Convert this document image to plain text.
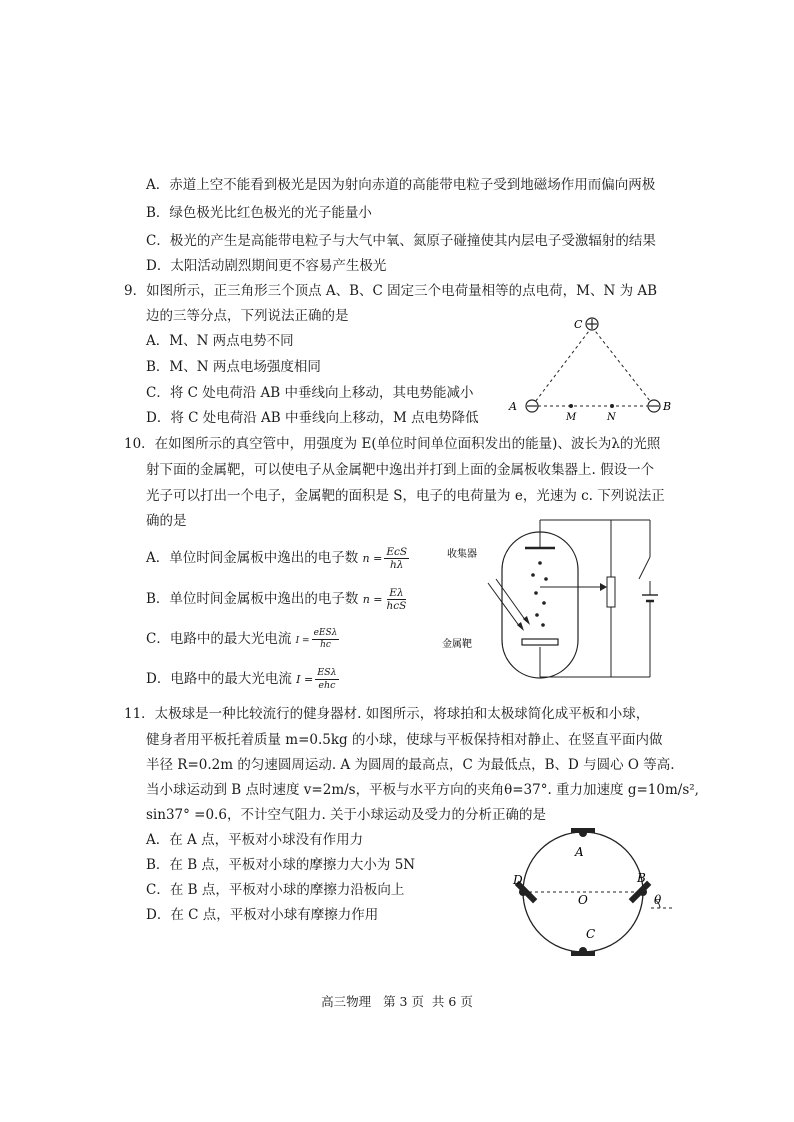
A．赤道上空不能看到极光是因为射向赤道的高能带电粒子受到地磁场作用而偏向两极
B．绿色极光比红色极光的光子能量小
C．极光的产生是高能带电粒子与大气中氧、氮原子碰撞使其内层电子受激辐射的结果
D．太阳活动剧烈期间更不容易产生极光
9．如图所示，正三角形三个顶点 A、B、C 固定三个电荷量相等的点电荷，M、N 为 AB
边的三等分点，下列说法正确的是
A．M、N 两点电势不同
B．M、N 两点电场强度相同
C．将 C 处电荷沿 AB 中垂线向上移动，其电势能减小
D．将 C 处电荷沿 AB 中垂线向上移动，M 点电势降低
C
A	B
M	N
10．在如图所示的真空管中，用强度为 E(单位时间单位面积发出的能量)、波长为λ的光照
射下面的金属靶，可以使电子从金属靶中逸出并打到上面的金属板收集器上. 假设一个
光子可以打出一个电子，金属靶的面积是 S，电子的电荷量为 e，光速为 c. 下列说法正
确的是
A．单位时间金属板中逸出的电子数 $n = \frac{\text{EcS}}{h\lambda}$
B．单位时间金属板中逸出的电子数 $n = \frac{E\lambda}{\text{hcS}}$
C．电路中的最大光电流 $I = \frac{\text{eESλ}}{hc}$
D．电路中的最大光电流 $I = \frac{\text{ESλ}}{\text{ehc}}$
收集器
金属靶
11．太极球是一种比较流行的健身器材. 如图所示，将球拍和太极球简化成平板和小球，
健身者用平板托着质量 m=0.5kg 的小球，使球与平板保持相对静止、在竖直平面内做
半径 R=0.2m 的匀速圆周运动. A 为圆周的最高点，C 为最低点，B、D 与圆心 O 等高.
当小球运动到 B 点时速度 v=2m/s，平板与水平方向的夹角θ=37°. 重力加速度 g=10m/s²,
sin37° =0.6，不计空气阻力. 关于小球运动及受力的分析正确的是
A．在 A 点，平板对小球没有作用力
B．在 B 点，平板对小球的摩擦力大小为 5N
C．在 B 点，平板对小球的摩擦力沿板向上
D．在 C 点，平板对小球有摩擦力作用
A
D	B
O
C
θ
高三物理   第 3 页  共 6 页
